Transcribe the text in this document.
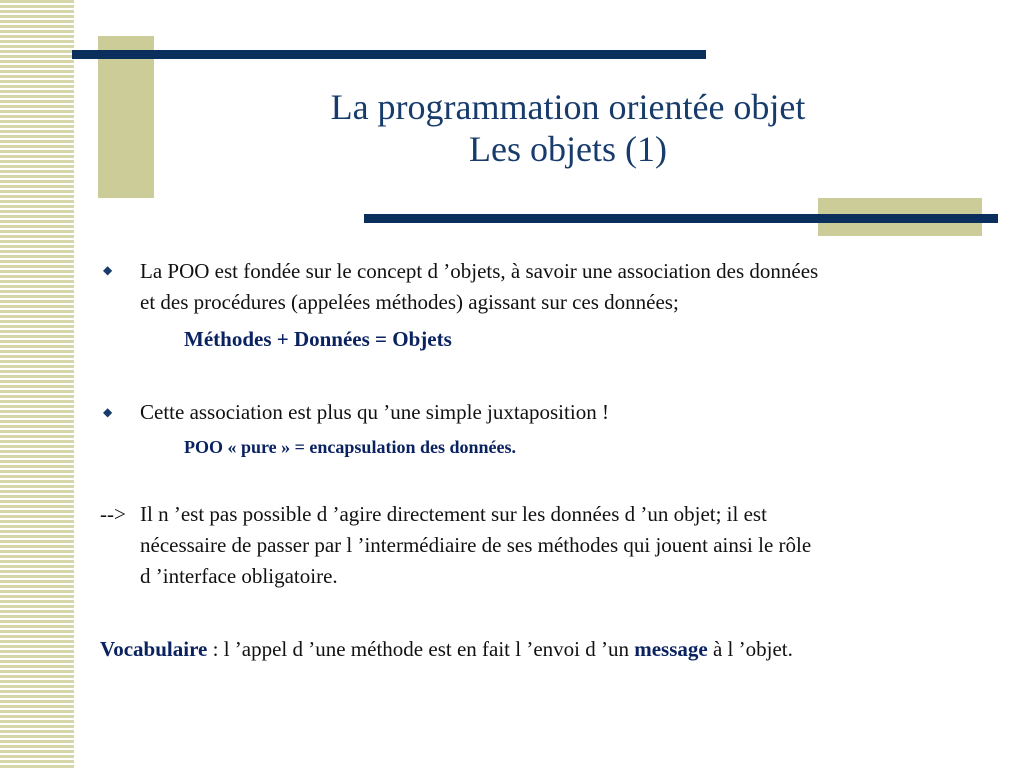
La programmation orientée objet
Les objets (1)
◆ La POO est fondée sur le concept d ’objets, à savoir une association des données
et des procédures (appelées méthodes) agissant sur ces données;
Méthodes + Données = Objets
◆ Cette association est plus qu ’une simple juxtaposition !
POO « pure » = encapsulation des données.
--> Il n ’est pas possible d ’agire directement sur les données d ’un objet; il est
nécessaire de passer par l ’intermédiaire de ses méthodes qui jouent ainsi le rôle
d ’interface obligatoire.
Vocabulaire : l ’appel d ’une méthode est en fait l ’envoi d ’un message à l ’objet.
